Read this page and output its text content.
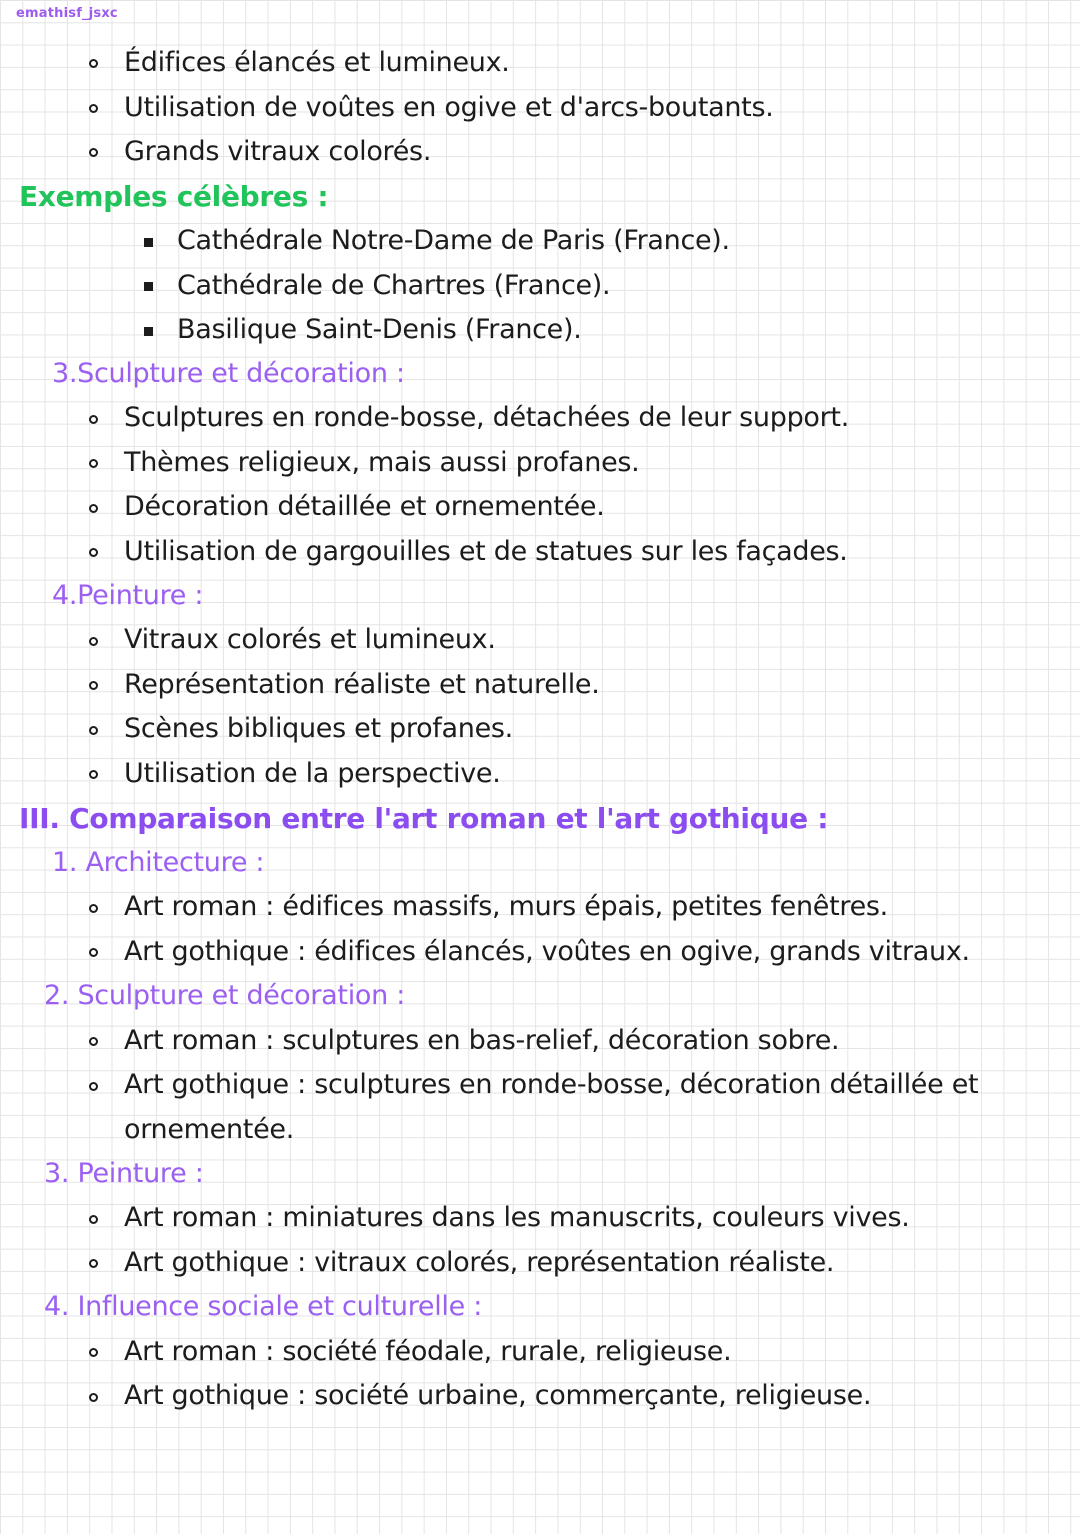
emathisf_jsxc
Édifices élancés et lumineux.
Utilisation de voûtes en ogive et d'arcs-boutants.
Grands vitraux colorés.
Exemples célèbres :
Cathédrale Notre-Dame de Paris (France).
Cathédrale de Chartres (France).
Basilique Saint-Denis (France).
3.Sculpture et décoration :
Sculptures en ronde-bosse, détachées de leur support.
Thèmes religieux, mais aussi profanes.
Décoration détaillée et ornementée.
Utilisation de gargouilles et de statues sur les façades.
4.Peinture :
Vitraux colorés et lumineux.
Représentation réaliste et naturelle.
Scènes bibliques et profanes.
Utilisation de la perspective.
III. Comparaison entre l'art roman et l'art gothique :
1. Architecture :
Art roman : édifices massifs, murs épais, petites fenêtres.
Art gothique : édifices élancés, voûtes en ogive, grands vitraux.
2. Sculpture et décoration :
Art roman : sculptures en bas-relief, décoration sobre.
Art gothique : sculptures en ronde-bosse, décoration détaillée et
ornementée.
3. Peinture :
Art roman : miniatures dans les manuscrits, couleurs vives.
Art gothique : vitraux colorés, représentation réaliste.
4. Influence sociale et culturelle :
Art roman : société féodale, rurale, religieuse.
Art gothique : société urbaine, commerçante, religieuse.
